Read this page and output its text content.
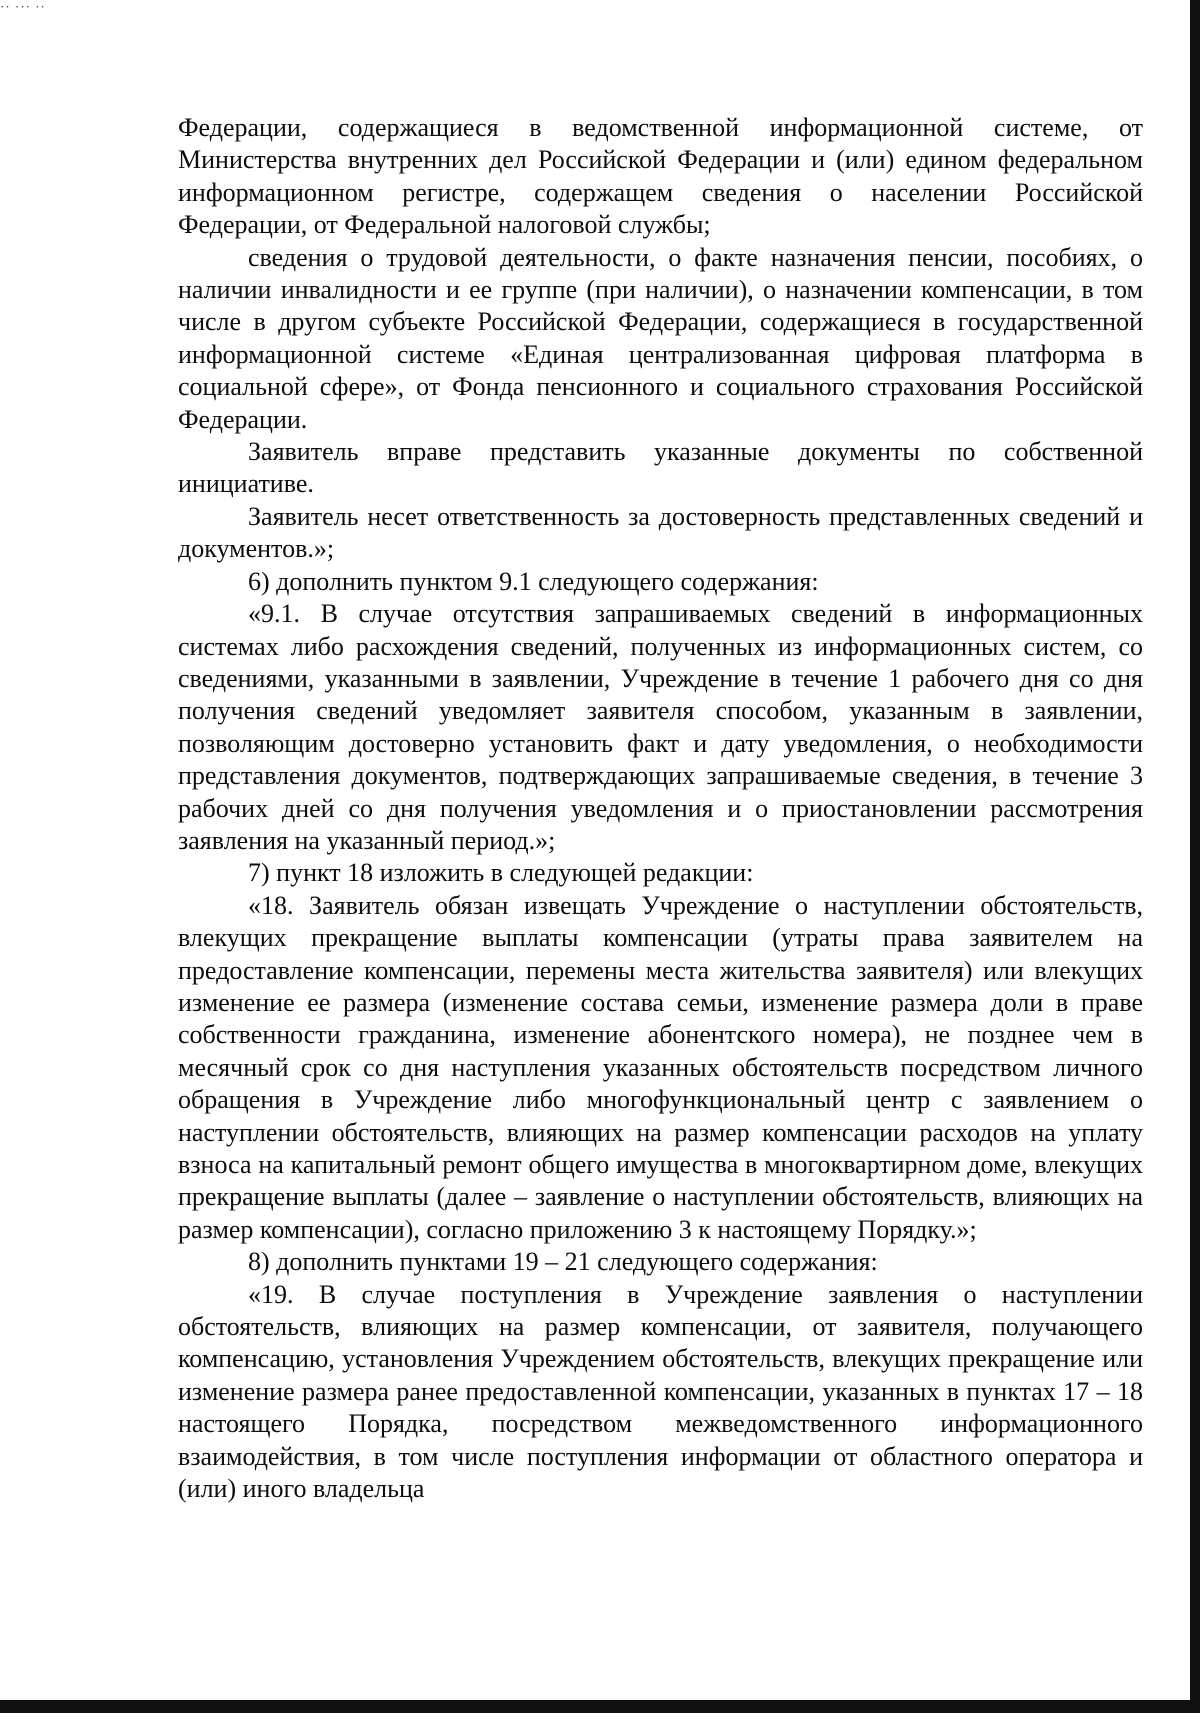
·· ··· ··

Федерации, содержащиеся в ведомственной информационной системе, от Министерства внутренних дел Российской Федерации и (или) едином федеральном информационном регистре, содержащем сведения о населении Российской Федерации, от Федеральной налоговой службы;

сведения о трудовой деятельности, о факте назначения пенсии, пособиях, о наличии инвалидности и ее группе (при наличии), о назначении компенсации, в том числе в другом субъекте Российской Федерации, содержащиеся в государственной информационной системе «Единая централизованная цифровая платформа в социальной сфере», от Фонда пенсионного и социального страхования Российской Федерации.

Заявитель вправе представить указанные документы по собственной инициативе.

Заявитель несет ответственность за достоверность представленных сведений и документов.»;

6) дополнить пунктом 9.1 следующего содержания:

«9.1. В случае отсутствия запрашиваемых сведений в информационных системах либо расхождения сведений, полученных из информационных систем, со сведениями, указанными в заявлении, Учреждение в течение 1 рабочего дня со дня получения сведений уведомляет заявителя способом, указанным в заявлении, позволяющим достоверно установить факт и дату уведомления, о необходимости представления документов, подтверждающих запрашиваемые сведения, в течение 3 рабочих дней со дня получения уведомления и о приостановлении рассмотрения заявления на указанный период.»;

7) пункт 18 изложить в следующей редакции:

«18. Заявитель обязан извещать Учреждение о наступлении обстоятельств, влекущих прекращение выплаты компенсации (утраты права заявителем на предоставление компенсации, перемены места жительства заявителя) или влекущих изменение ее размера (изменение состава семьи, изменение размера доли в праве собственности гражданина, изменение абонентского номера), не позднее чем в месячный срок со дня наступления указанных обстоятельств посредством личного обращения в Учреждение либо многофункциональный центр с заявлением о наступлении обстоятельств, влияющих на размер компенсации расходов на уплату взноса на капитальный ремонт общего имущества в многоквартирном доме, влекущих прекращение выплаты (далее – заявление о наступлении обстоятельств, влияющих на размер компенсации), согласно приложению 3 к настоящему Порядку.»;

8) дополнить пунктами 19 – 21 следующего содержания:

«19. В случае поступления в Учреждение заявления о наступлении обстоятельств, влияющих на размер компенсации, от заявителя, получающего компенсацию, установления Учреждением обстоятельств, влекущих прекращение или изменение размера ранее предоставленной компенсации, указанных в пунктах 17 – 18 настоящего Порядка, посредством межведомственного информационного взаимодействия, в том числе поступления информации от областного оператора и (или) иного владельца
